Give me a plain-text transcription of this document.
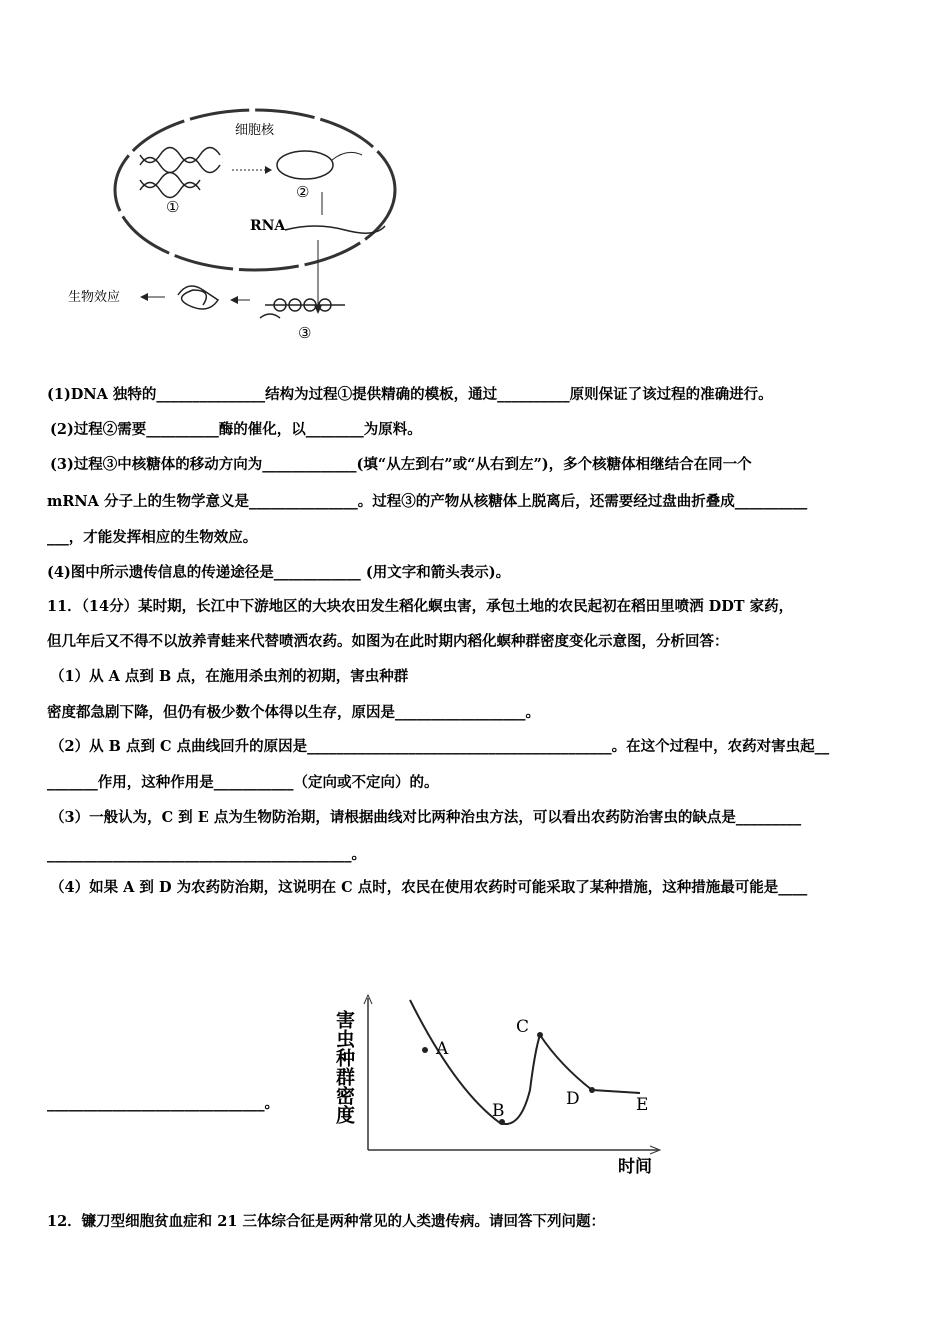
细胞核
①
②
RNA
③
生物效应
(1)DNA 独特的_______________结构为过程①提供精确的模板，通过__________原则保证了该过程的准确进行。
(2)过程②需要__________酶的催化，以________为原料。
(3)过程③中核糖体的移动方向为_____________(填“从左到右”或“从右到左”)，多个核糖体相继结合在同一个
mRNA 分子上的生物学意义是_______________。过程③的产物从核糖体上脱离后，还需要经过盘曲折叠成__________
___，才能发挥相应的生物效应。
(4)图中所示遗传信息的传递途径是____________ (用文字和箭头表示)。
11．（14分）某时期，长江中下游地区的大块农田发生稻化螟虫害，承包土地的农民起初在稻田里喷洒 DDT 家药，
但几年后又不得不以放养青蛙来代替喷洒农药。如图为在此时期内稻化螟种群密度变化示意图，分析回答：
（1）从 A 点到 B 点，在施用杀虫剂的初期，害虫种群
密度都急剧下降，但仍有极少数个体得以生存，原因是__________________。
（2）从 B 点到 C 点曲线回升的原因是__________________________________________。在这个过程中，农药对害虫起__
_______作用，这种作用是___________（定向或不定向）的。
（3）一般认为，C 到 E 点为生物防治期，请根据曲线对比两种治虫方法，可以看出农药防治害虫的缺点是_________
__________________________________________。
（4）如果 A 到 D 为农药防治期，这说明在 C 点时，农民在使用农药时可能采取了某种措施，这种措施最可能是____
______________________________。	害虫种群密度
时间
A
B
C
D	E
12．镰刀型细胞贫血症和 21 三体综合征是两种常见的人类遗传病。请回答下列问题：
